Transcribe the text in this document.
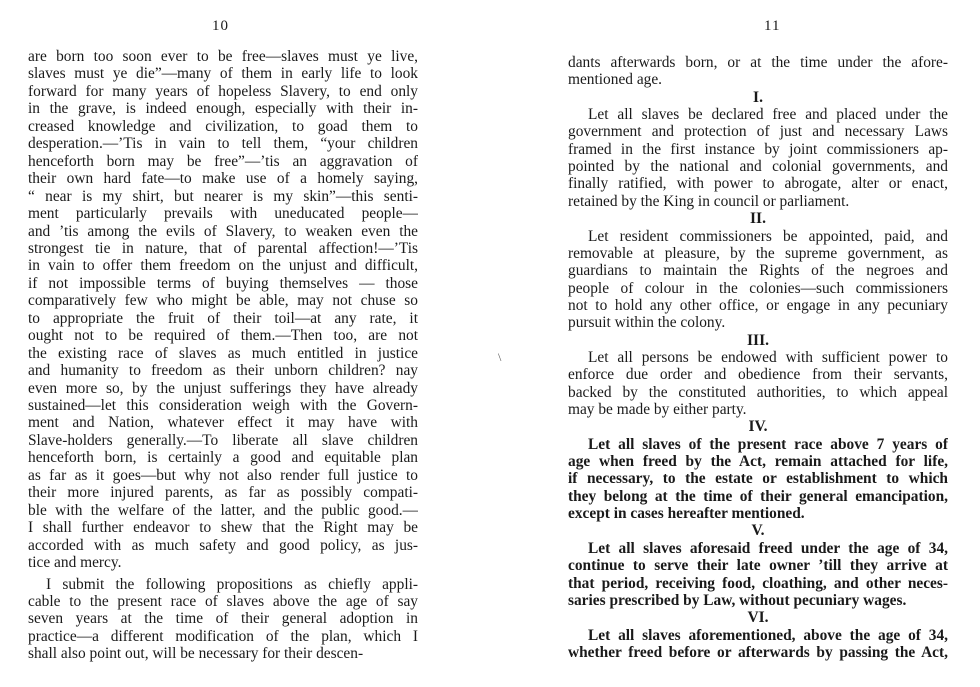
10
are born too soon ever to be free—slaves must ye live,
slaves must ye die”—many of them in early life to look
forward for many years of hopeless Slavery, to end only
in the grave, is indeed enough, especially with their in-
creased knowledge and civilization, to goad them to
desperation.—’Tis in vain to tell them, “your children
henceforth born may be free”—’tis an aggravation of
their own hard fate—to make use of a homely saying,
“ near is my shirt, but nearer is my skin”—this senti-
ment particularly prevails with uneducated people—
and ’tis among the evils of Slavery, to weaken even the
strongest tie in nature, that of parental affection!—’Tis
in vain to offer them freedom on the unjust and difficult,
if not impossible terms of buying themselves — those
comparatively few who might be able, may not chuse so
to appropriate the fruit of their toil—at any rate, it
ought not to be required of them.—Then too, are not
the existing race of slaves as much entitled in justice
and humanity to freedom as their unborn children? nay
even more so, by the unjust sufferings they have already
sustained—let this consideration weigh with the Govern-
ment and Nation, whatever effect it may have with
Slave-holders generally.—To liberate all slave children
henceforth born, is certainly a good and equitable plan
as far as it goes—but why not also render full justice to
their more injured parents, as far as possibly compati-
ble with the welfare of the latter, and the public good.—
I shall further endeavor to shew that the Right may be
accorded with as much safety and good policy, as jus-
tice and mercy.
I submit the following propositions as chiefly appli-
cable to the present race of slaves above the age of say
seven years at the time of their general adoption in
practice—a different modification of the plan, which I
shall also point out, will be necessary for their descen-
11
dants afterwards born, or at the time under the afore-
mentioned age.
I.
Let all slaves be declared free and placed under the
government and protection of just and necessary Laws
framed in the first instance by joint commissioners ap-
pointed by the national and colonial governments, and
finally ratified, with power to abrogate, alter or enact,
retained by the King in council or parliament.
II.
Let resident commissioners be appointed, paid, and
removable at pleasure, by the supreme government, as
guardians to maintain the Rights of the negroes and
people of colour in the colonies—such commissioners
not to hold any other office, or engage in any pecuniary
pursuit within the colony.
III.
Let all persons be endowed with sufficient power to
enforce due order and obedience from their servants,
backed by the constituted authorities, to which appeal
may be made by either party.
IV.
Let all slaves of the present race above 7 years of
age when freed by the Act, remain attached for life,
if necessary, to the estate or establishment to which
they belong at the time of their general emancipation,
except in cases hereafter mentioned.
V.
Let all slaves aforesaid freed under the age of 34,
continue to serve their late owner ’till they arrive at
that period, receiving food, cloathing, and other neces-
saries prescribed by Law, without pecuniary wages.
VI.
Let all slaves aforementioned, above the age of 34,
whether freed before or afterwards by passing the Act,
\
